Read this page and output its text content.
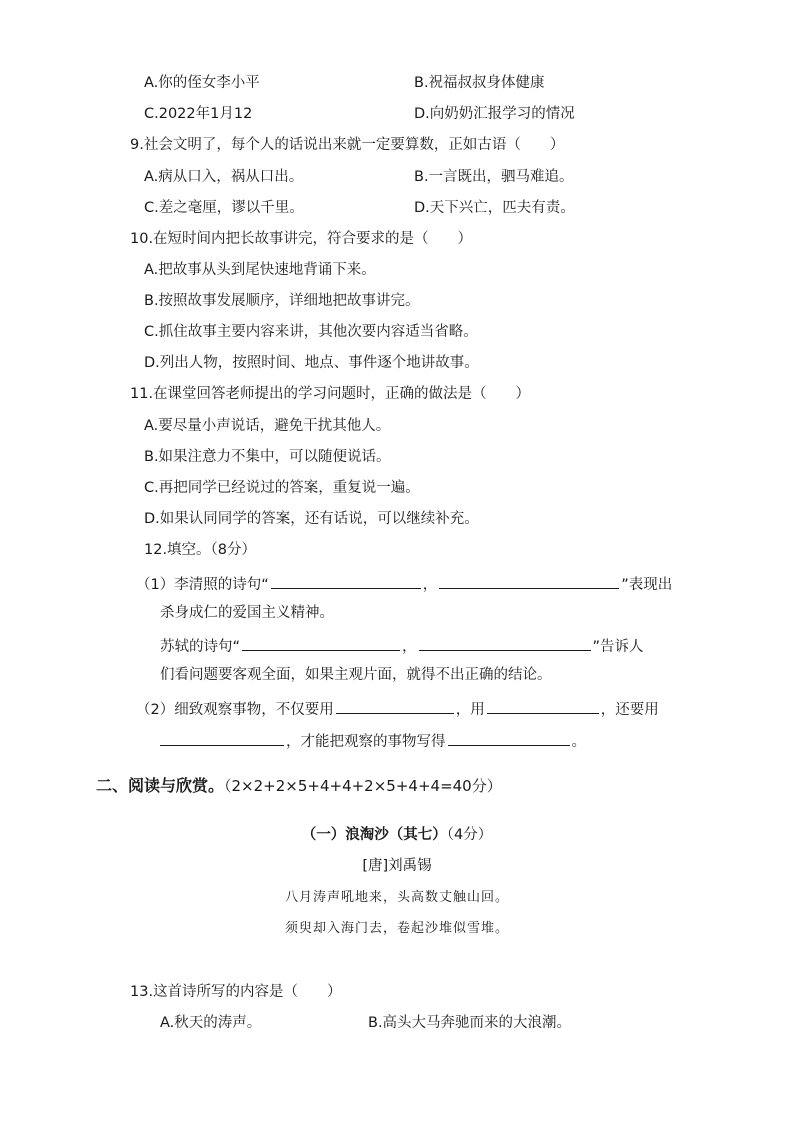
A.你的侄女李小平	B.祝福叔叔身体健康
C.2022年1月12	D.向奶奶汇报学习的情况
9.社会文明了，每个人的话说出来就一定要算数，正如古语（　　）
A.病从口入，祸从口出。	B.一言既出，驷马难追。
C.差之毫厘，谬以千里。	D.天下兴亡，匹夫有责。
10.在短时间内把长故事讲完，符合要求的是（　　）
A.把故事从头到尾快速地背诵下来。
B.按照故事发展顺序，详细地把故事讲完。
C.抓住故事主要内容来讲，其他次要内容适当省略。
D.列出人物，按照时间、地点、事件逐个地讲故事。
11.在课堂回答老师提出的学习问题时，正确的做法是（　　）
A.要尽量小声说话，避免干扰其他人。
B.如果注意力不集中，可以随便说话。
C.再把同学已经说过的答案，重复说一遍。
D.如果认同同学的答案，还有话说，可以继续补充。
12.填空。（8分）
（1）李清照的诗句“	，	”表现出
杀身成仁的爱国主义精神。
苏轼的诗句“	，	”告诉人
们看问题要客观全面，如果主观片面，就得不出正确的结论。
（2）细致观察事物，不仅要用	，用	，还要用
，才能把观察的事物写得	。
二、阅读与欣赏。（2×2+2×5+4+4+2×5+4+4=40分）
（一）浪淘沙（其七）（4分）
[唐]刘禹锡
八月涛声吼地来，头高数丈触山回。
须臾却入海门去，卷起沙堆似雪堆。
13.这首诗所写的内容是（　　）
A.秋天的涛声。	B.高头大马奔驰而来的大浪潮。
